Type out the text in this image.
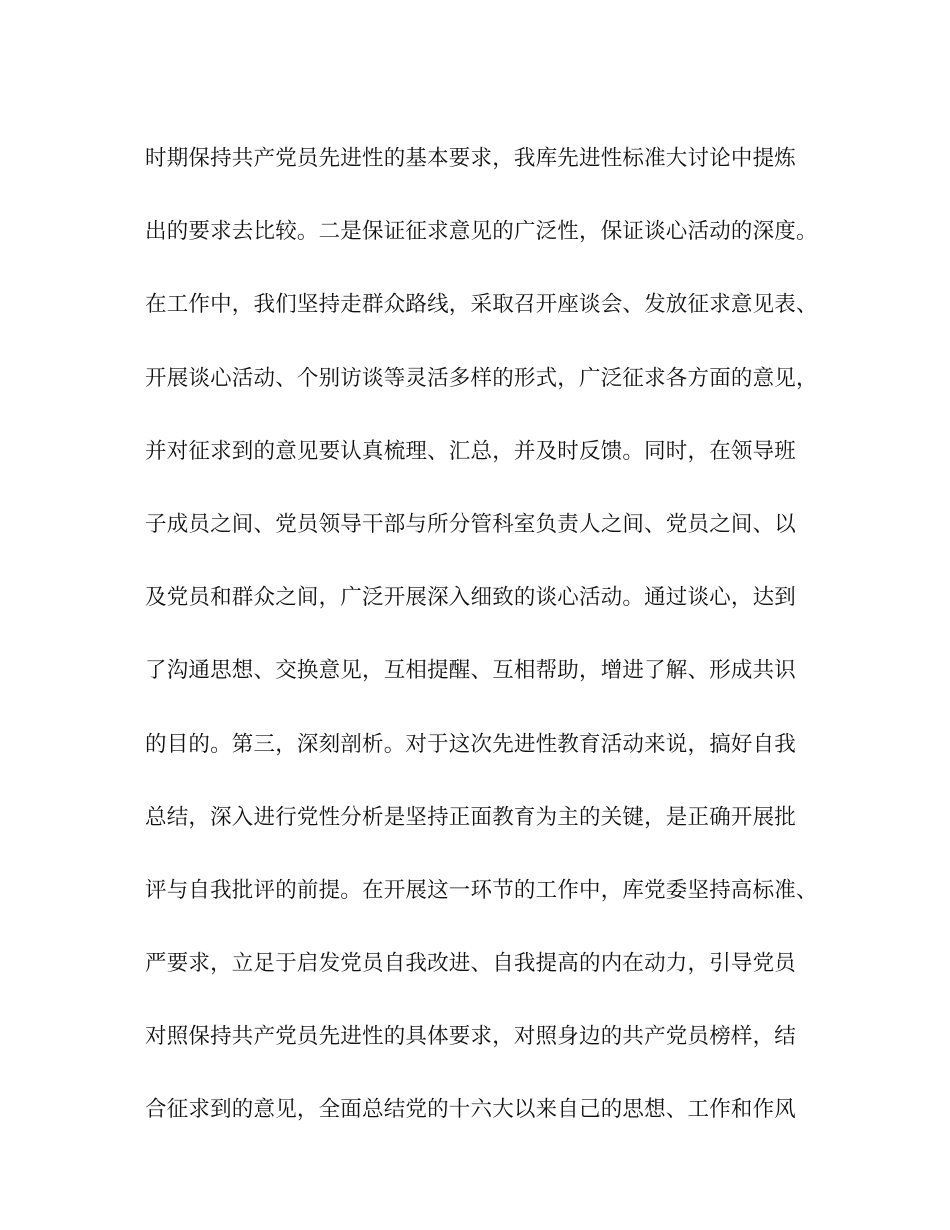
时期保持共产党员先进性的基本要求，我库先进性标准大讨论中提炼
出的要求去比较。二是保证征求意见的广泛性，保证谈心活动的深度。
在工作中，我们坚持走群众路线，采取召开座谈会、发放征求意见表、
开展谈心活动、个别访谈等灵活多样的形式，广泛征求各方面的意见，
并对征求到的意见要认真梳理、汇总，并及时反馈。同时，在领导班
子成员之间、党员领导干部与所分管科室负责人之间、党员之间、以
及党员和群众之间，广泛开展深入细致的谈心活动。通过谈心，达到
了沟通思想、交换意见，互相提醒、互相帮助，增进了解、形成共识
的目的。第三，深刻剖析。对于这次先进性教育活动来说，搞好自我
总结，深入进行党性分析是坚持正面教育为主的关键，是正确开展批
评与自我批评的前提。在开展这一环节的工作中，库党委坚持高标准、
严要求，立足于启发党员自我改进、自我提高的内在动力，引导党员
对照保持共产党员先进性的具体要求，对照身边的共产党员榜样，结
合征求到的意见，全面总结党的十六大以来自己的思想、工作和作风
